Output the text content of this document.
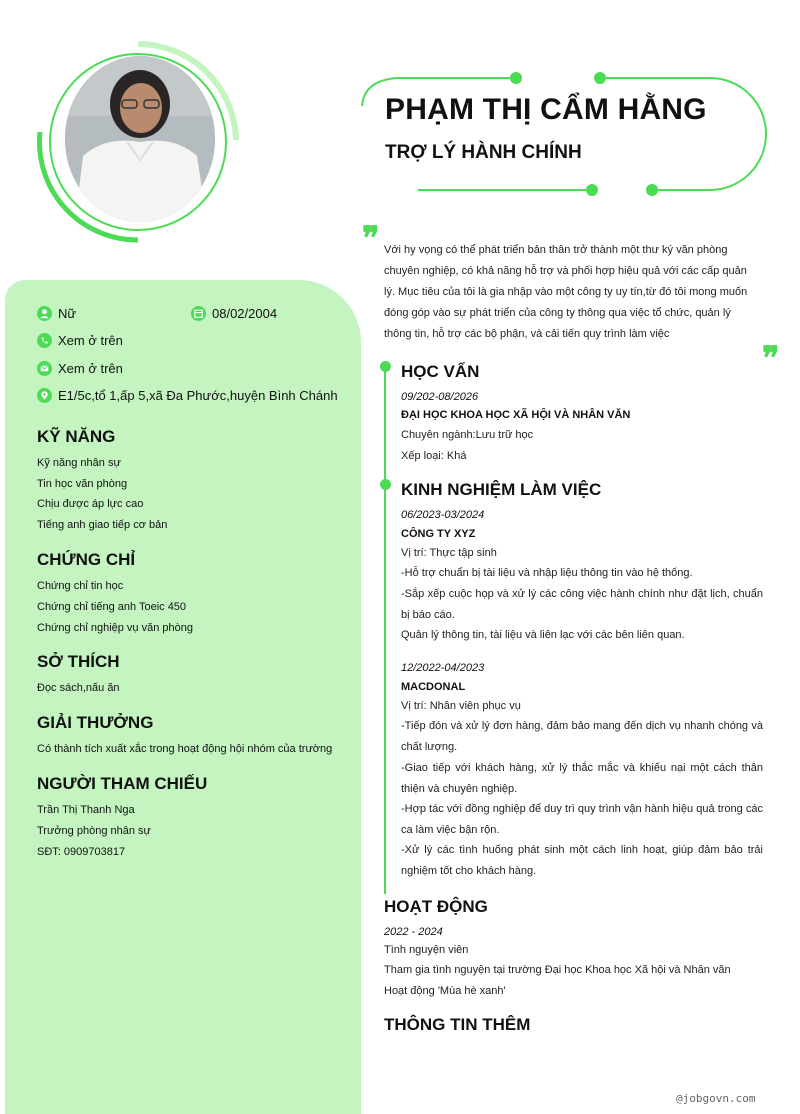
PHẠM THỊ CẨM HẰNG
TRỢ LÝ HÀNH CHÍNH
❞ Với hy vọng có thể phát triển bản thân trở thành một thư ký văn phòng chuyên nghiệp, có khả năng hỗ trợ và phối hợp hiệu quả với các cấp quản lý. Mục tiêu của tôi là gia nhập vào một công ty uy tín,từ đó tôi mong muốn đóng góp vào sự phát triển của công ty thông qua việc tổ chức, quản lý thông tin, hỗ trợ các bộ phận, và cải tiến quy trình làm việc
❞
Nữ	08/02/2004
Xem ở trên
Xem ở trên
E1/5c,tổ 1,ấp 5,xã Đa Phước,huyện Bình Chánh
KỸ NĂNG
Kỹ năng nhân sự
Tin học văn phòng
Chịu được áp lực cao
Tiếng anh giao tiếp cơ bản
CHỨNG CHỈ
Chứng chỉ tin học
Chứng chỉ tiếng anh Toeic 450
Chứng chỉ nghiệp vụ văn phòng
SỞ THÍCH
Đọc sách,nấu ăn
GIẢI THƯỞNG
Có thành tích xuất xắc trong hoạt động hội nhóm của trường
NGƯỜI THAM CHIẾU
Trần Thị Thanh Nga
Trưởng phòng nhân sự
SĐT: 0909703817
HỌC VẤN
09/202-08/2026
ĐẠI HỌC KHOA HỌC XÃ HỘI VÀ NHÂN VĂN
Chuyên ngành:Lưu trữ học
Xếp loại: Khá
KINH NGHIỆM LÀM VIỆC
06/2023-03/2024
CÔNG TY XYZ
Vị trí: Thực tập sinh
-Hỗ trợ chuẩn bị tài liệu và nhập liệu thông tin vào hệ thống.
-Sắp xếp cuộc họp và xử lý các công việc hành chính như đặt lịch, chuẩn bị báo cáo.
Quản lý thông tin, tài liệu và liên lạc với các bên liên quan.
12/2022-04/2023
MACDONAL
Vị trí: Nhân viên phục vụ
-Tiếp đón và xử lý đơn hàng, đảm bảo mang đến dịch vụ nhanh chóng và chất lượng.
-Giao tiếp với khách hàng, xử lý thắc mắc và khiếu nại một cách thân thiện và chuyên nghiệp.
-Hợp tác với đồng nghiệp để duy trì quy trình vận hành hiệu quả trong các ca làm việc bận rộn.
-Xử lý các tình huống phát sinh một cách linh hoạt, giúp đảm bảo trải nghiệm tốt cho khách hàng.
HOẠT ĐỘNG
2022 - 2024
Tình nguyện viên
Tham gia tình nguyện tại trường Đại học Khoa học Xã hội và Nhân văn
Hoạt động 'Mùa hè xanh'
THÔNG TIN THÊM
@jobgovn.com
